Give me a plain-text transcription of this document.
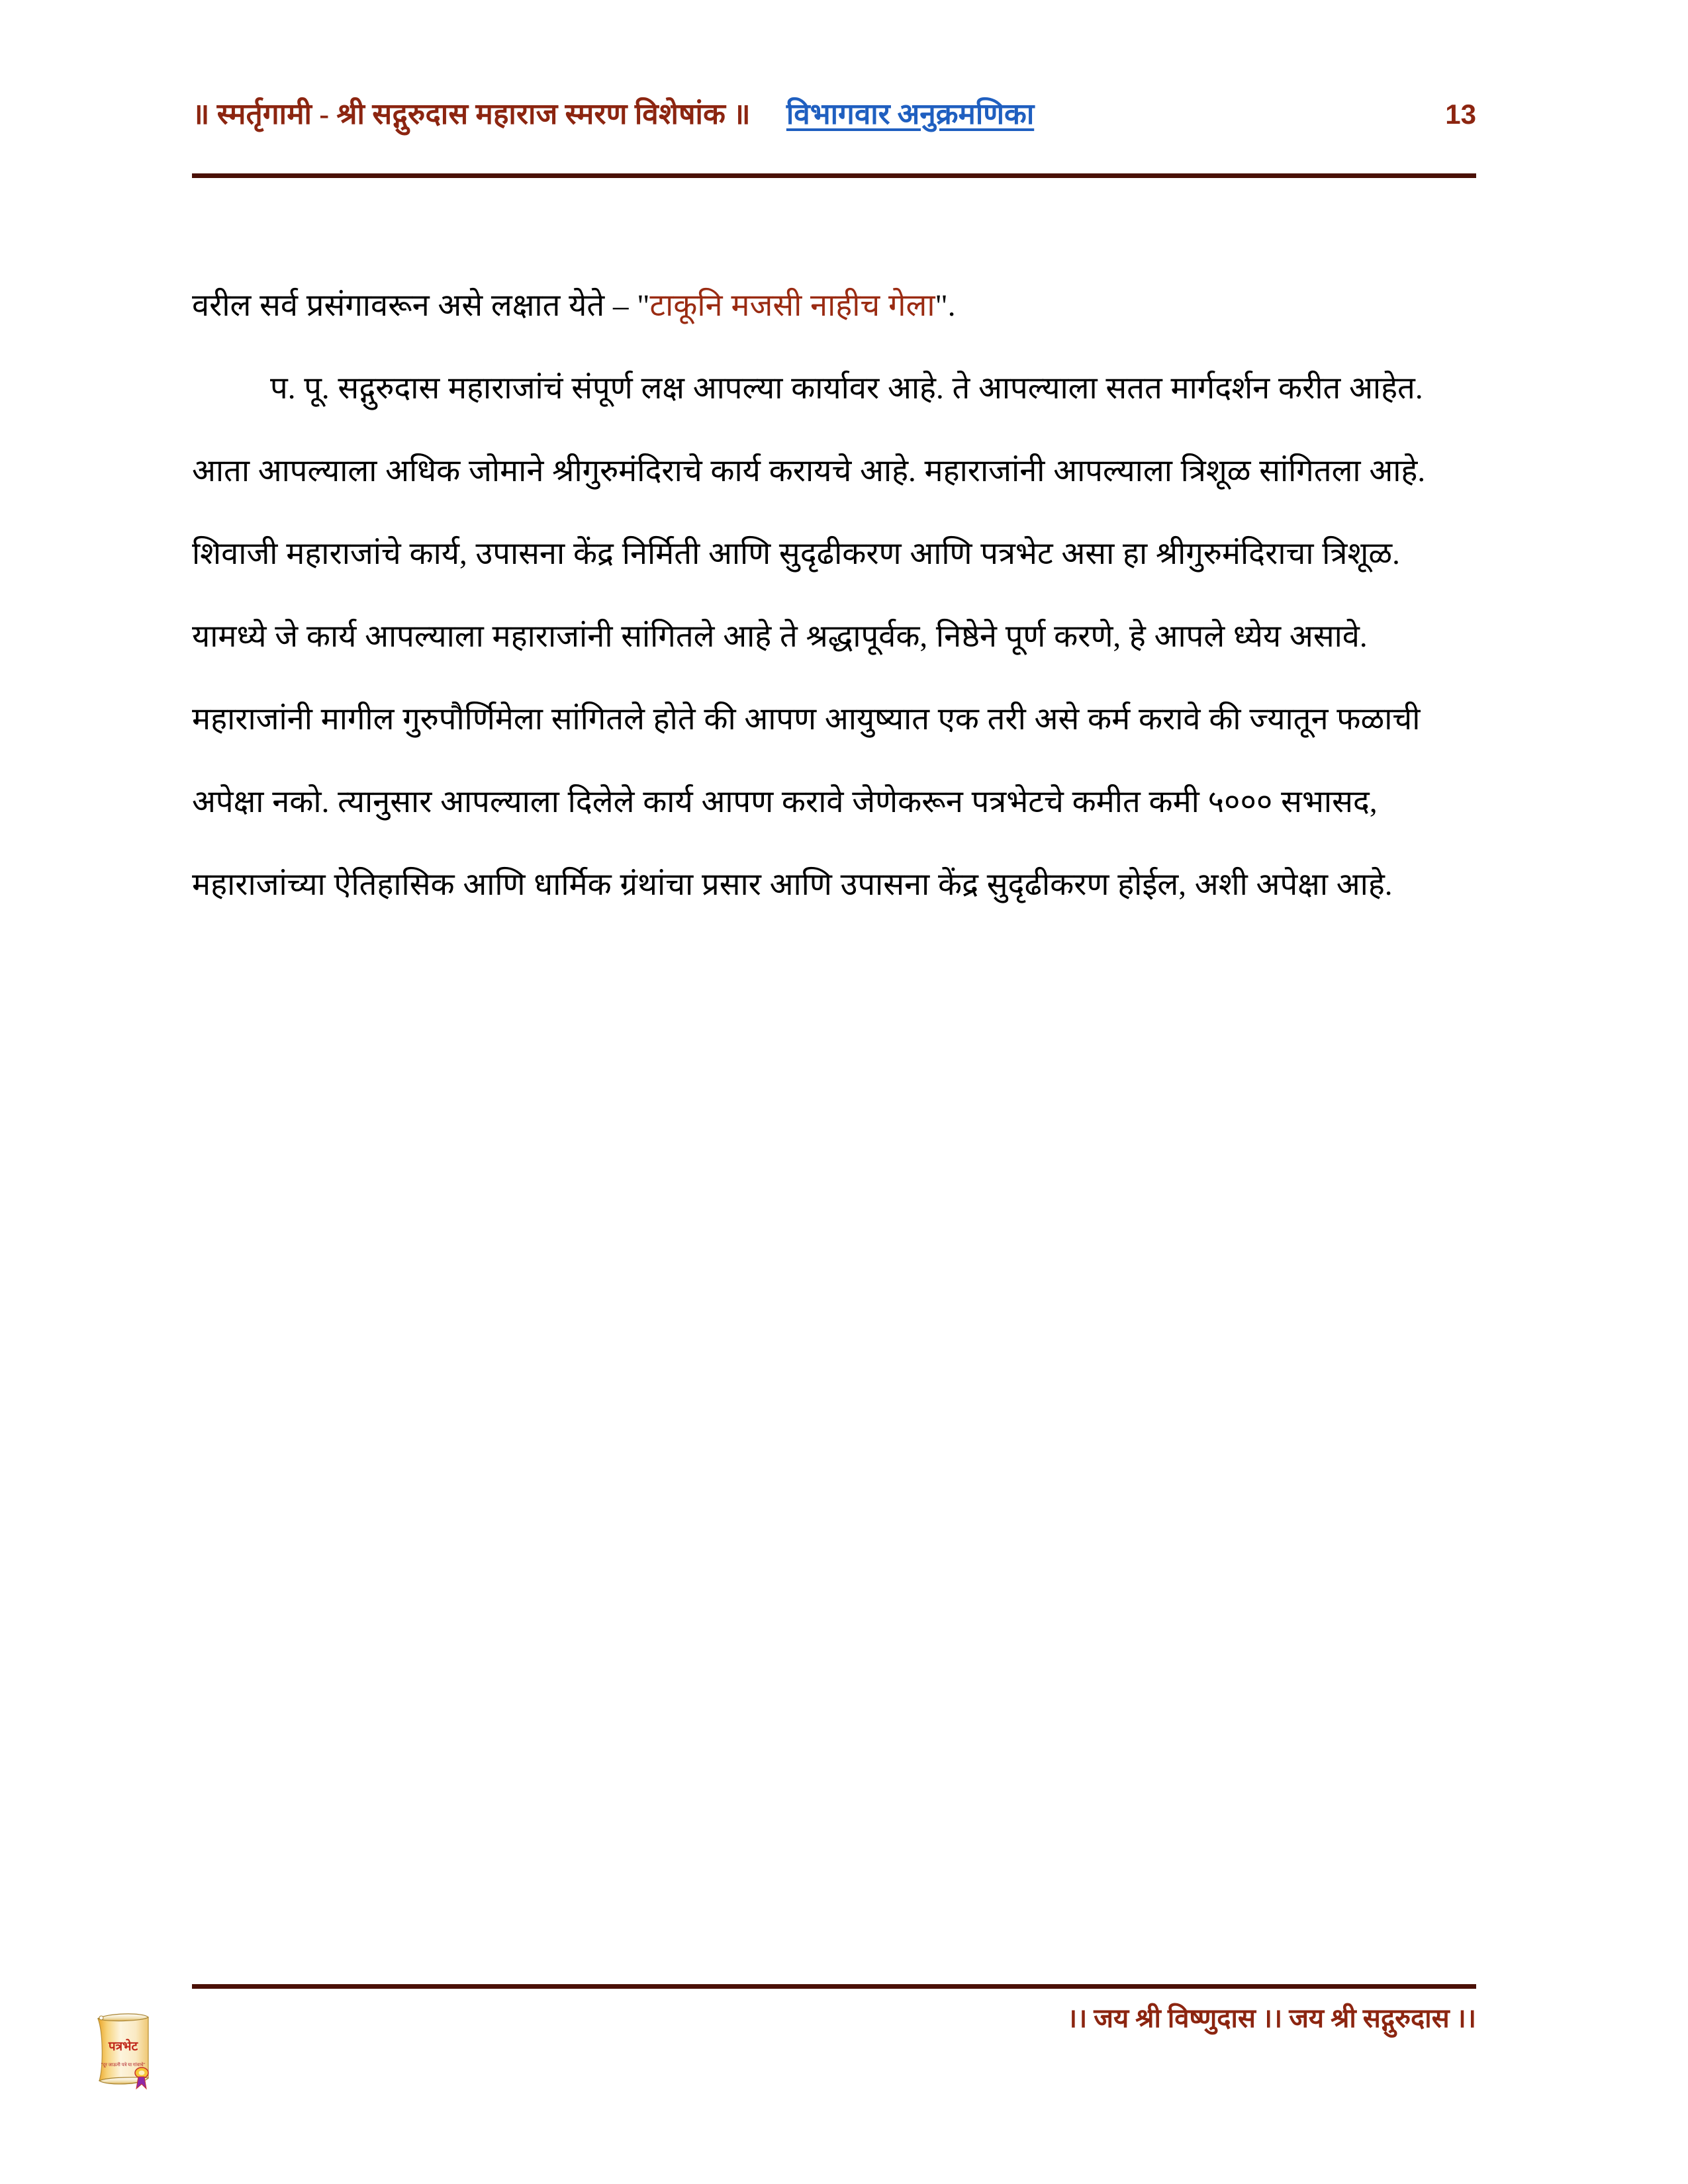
॥ स्मर्तृगामी - श्री सद्गुरुदास महाराज स्मरण विशेषांक ॥ विभागवार अनुक्रमणिका	13

वरील सर्व प्रसंगावरून असे लक्षात येते – "टाकूनि मजसी नाहीच गेला".

प. पू. सद्गुरुदास महाराजांचं संपूर्ण लक्ष आपल्या कार्यावर आहे. ते आपल्याला सतत मार्गदर्शन करीत आहेत. आता आपल्याला अधिक जोमाने श्रीगुरुमंदिराचे कार्य करायचे आहे. महाराजांनी आपल्याला त्रिशूळ सांगितला आहे. शिवाजी महाराजांचे कार्य, उपासना केंद्र निर्मिती आणि सुदृढीकरण आणि पत्रभेट असा हा श्रीगुरुमंदिराचा त्रिशूळ. यामध्ये जे कार्य आपल्याला महाराजांनी सांगितले आहे ते श्रद्धापूर्वक, निष्ठेने पूर्ण करणे, हे आपले ध्येय असावे. महाराजांनी मागील गुरुपौर्णिमेला सांगितले होते की आपण आयुष्यात एक तरी असे कर्म करावे की ज्यातून फळाची अपेक्षा नको. त्यानुसार आपल्याला दिलेले कार्य आपण करावे जेणेकरून पत्रभेटचे कमीत कमी ५००० सभासद, महाराजांच्या ऐतिहासिक आणि धार्मिक ग्रंथांचा प्रसार आणि उपासना केंद्र सुदृढीकरण होईल, अशी अपेक्षा आहे.

।। जय श्री विष्णुदास ।। जय श्री सद्गुरुदास ।।
पत्रभेट
"दूर जाऊनी पत्रे या गांवाचे"
